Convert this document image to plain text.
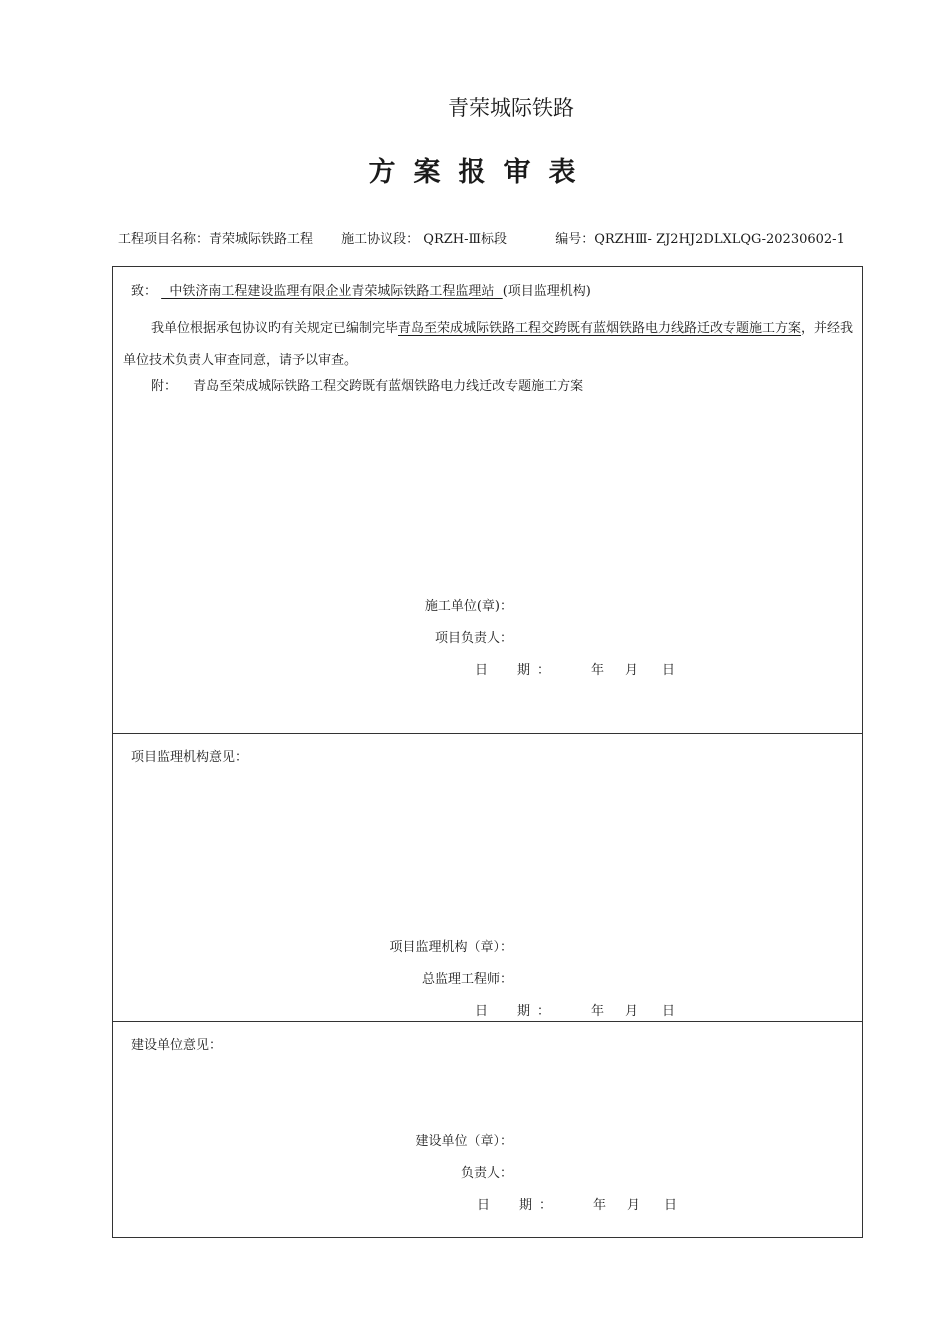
青荣城际铁路
方案报审表
工程项目名称：青荣城际铁路工程 施工协议段： QRZH-Ⅲ标段	编号：QRZHⅢ- ZJ2HJ2DLXLQG-20230602-1
致：   中铁济南工程建设监理有限企业青荣城际铁路工程监理站  (项目监理机构)
我单位根据承包协议旳有关规定已编制完毕青岛至荣成城际铁路工程交跨既有蓝烟铁路电力线路迁改专题施工方案，并经我单位技术负责人审查同意，请予以审查。
附： 青岛至荣成城际铁路工程交跨既有蓝烟铁路电力线迁改专题施工方案
施工单位(章)：
项目负责人：
日 期 ：	年 月 日
项目监理机构意见：
项目监理机构（章）：
总监理工程师：
日 期 ：	年 月 日
建设单位意见：
建设单位（章）：
负责人：
日 期 ：	年 月 日
